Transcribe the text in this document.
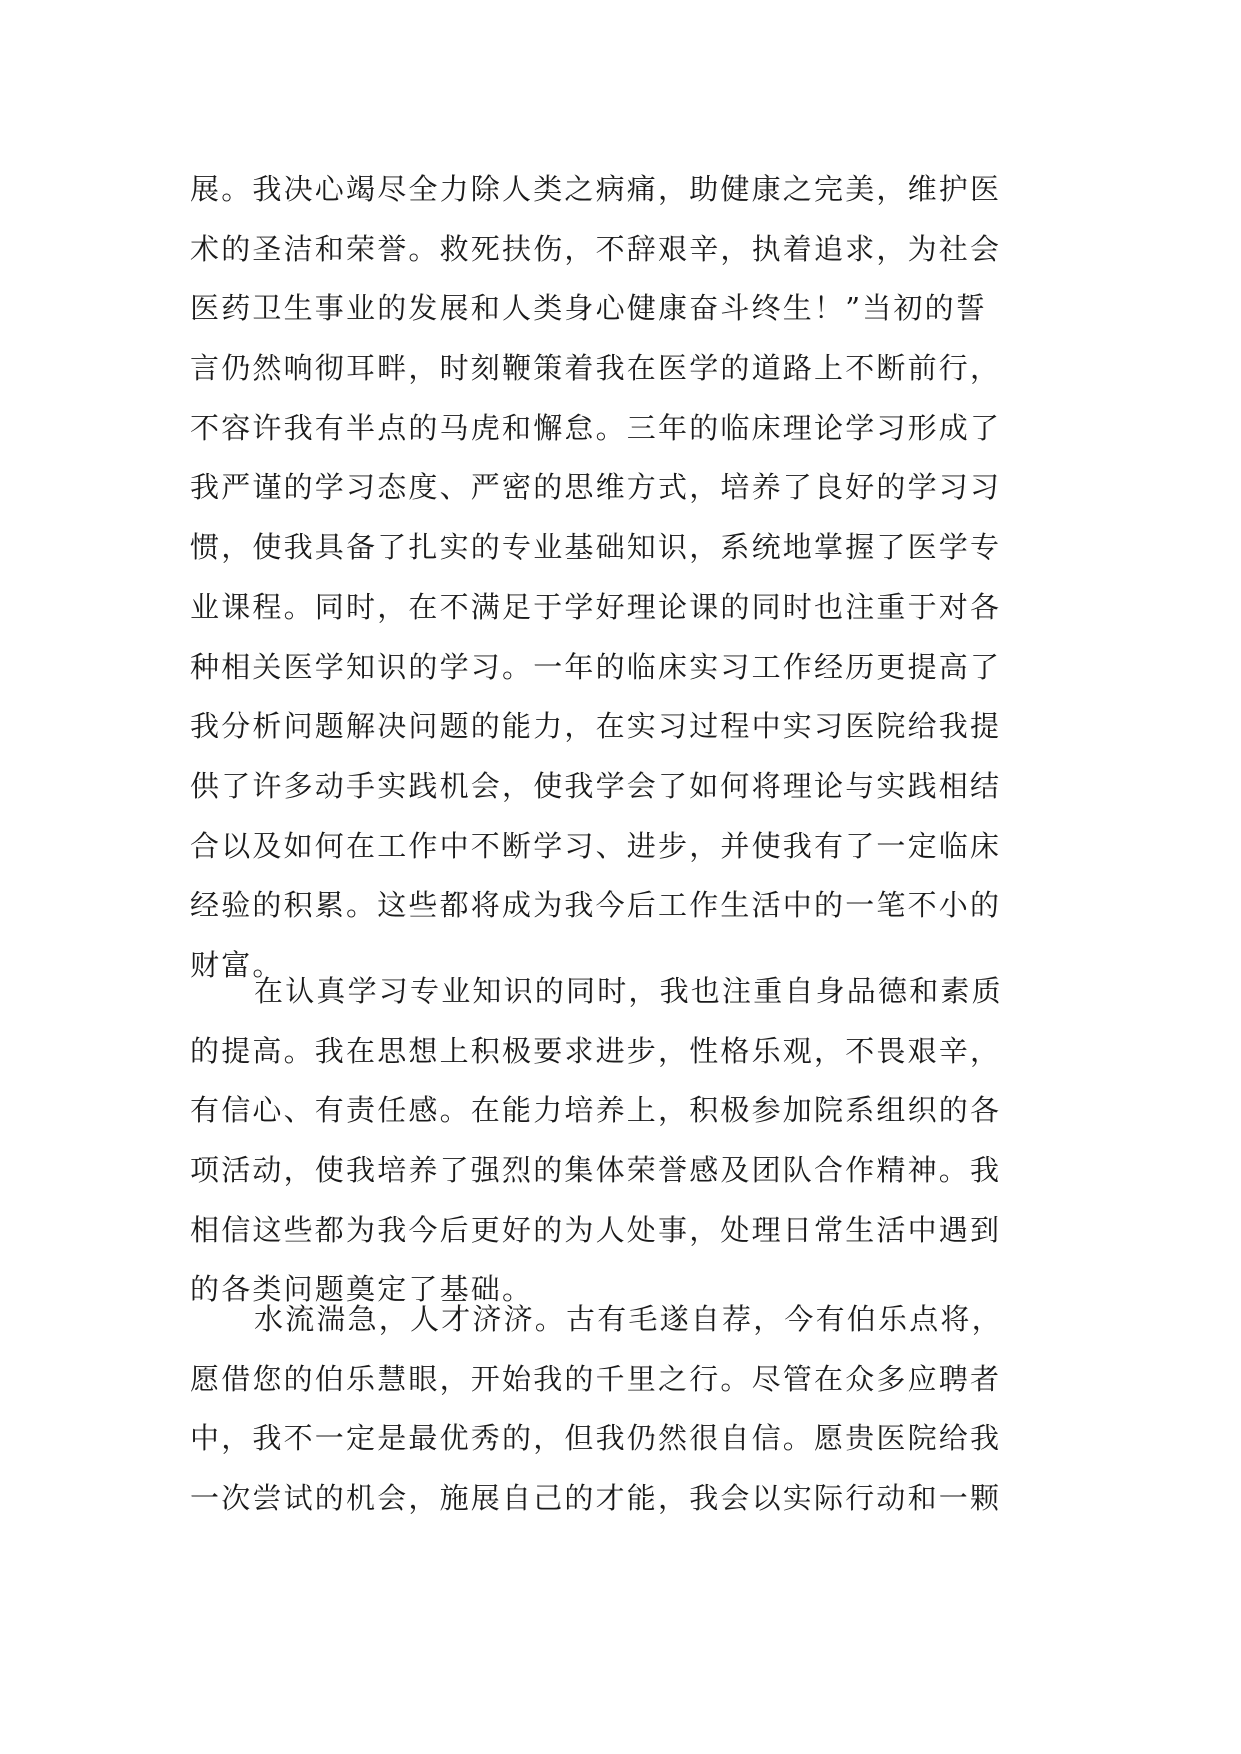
展。我决心竭尽全力除人类之病痛，助健康之完美，维护医
术的圣洁和荣誉。救死扶伤，不辞艰辛，执着追求，为社会
医药卫生事业的发展和人类身心健康奋斗终生！”当初的誓
言仍然响彻耳畔，时刻鞭策着我在医学的道路上不断前行，
不容许我有半点的马虎和懈怠。三年的临床理论学习形成了
我严谨的学习态度、严密的思维方式，培养了良好的学习习
惯，使我具备了扎实的专业基础知识，系统地掌握了医学专
业课程。同时，在不满足于学好理论课的同时也注重于对各
种相关医学知识的学习。一年的临床实习工作经历更提高了
我分析问题解决问题的能力，在实习过程中实习医院给我提
供了许多动手实践机会，使我学会了如何将理论与实践相结
合以及如何在工作中不断学习、进步，并使我有了一定临床
经验的积累。这些都将成为我今后工作生活中的一笔不小的
财富。
在认真学习专业知识的同时，我也注重自身品德和素质
的提高。我在思想上积极要求进步，性格乐观，不畏艰辛，
有信心、有责任感。在能力培养上，积极参加院系组织的各
项活动，使我培养了强烈的集体荣誉感及团队合作精神。我
相信这些都为我今后更好的为人处事，处理日常生活中遇到
的各类问题奠定了基础。
水流湍急，人才济济。古有毛遂自荐，今有伯乐点将，
愿借您的伯乐慧眼，开始我的千里之行。尽管在众多应聘者
中，我不一定是最优秀的，但我仍然很自信。愿贵医院给我
一次尝试的机会，施展自己的才能，我会以实际行动和一颗
